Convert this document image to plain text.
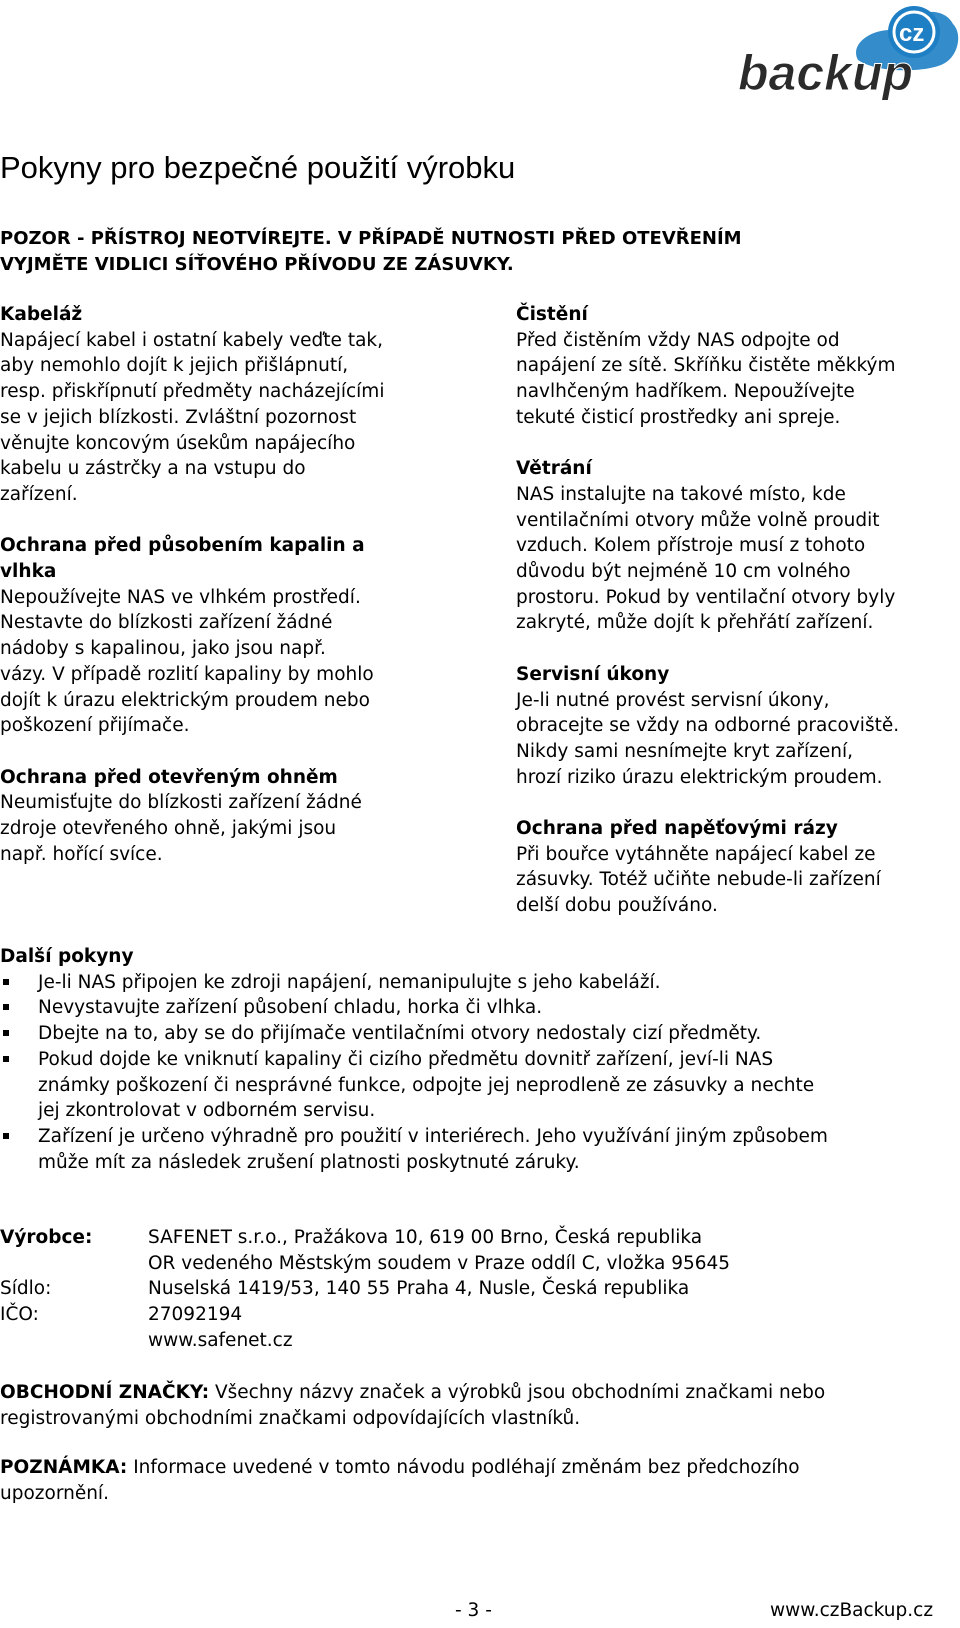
cz
backup
Pokyny pro bezpečné použití výrobku
POZOR - PŘÍSTROJ NEOTVÍREJTE. V PŘÍPADĚ NUTNOSTI PŘED OTEVŘENÍM
VYJMĚTE VIDLICI SÍŤOVÉHO PŘÍVODU ZE ZÁSUVKY.
Kabeláž

Napájecí kabel i ostatní kabely veďte tak,

aby nemohlo dojít k jejich přišlápnutí,

resp. přiskřípnutí předměty nacházejícími

se v jejich blízkosti. Zvláštní pozornost

věnujte koncovým úsekům napájecího

kabelu u zástrčky a na vstupu do

zařízení.

Ochrana před působením kapalin a
vlhka

Nepoužívejte NAS ve vlhkém prostředí.

Nestavte do blízkosti zařízení žádné

nádoby s kapalinou, jako jsou např.

vázy. V případě rozlití kapaliny by mohlo

dojít k úrazu elektrickým proudem nebo

poškození přijímače.

Ochrana před otevřeným ohněm

Neumisťujte do blízkosti zařízení žádné

zdroje otevřeného ohně, jakými jsou

např. hořící svíce.

Čistění

Před čistěním vždy NAS odpojte od

napájení ze sítě. Skříňku čistěte měkkým

navlhčeným hadříkem. Nepoužívejte

tekuté čisticí prostředky ani spreje.

Větrání

NAS instalujte na takové místo, kde

ventilačními otvory může volně proudit

vzduch. Kolem přístroje musí z tohoto

důvodu být nejméně 10 cm volného

prostoru. Pokud by ventilační otvory byly

zakryté, může dojít k přehřátí zařízení.

Servisní úkony

Je-li nutné provést servisní úkony,

obracejte se vždy na odborné pracoviště.

Nikdy sami nesnímejte kryt zařízení,

hrozí riziko úrazu elektrickým proudem.

Ochrana před napěťovými rázy

Při bouřce vytáhněte napájecí kabel ze

zásuvky. Totéž učiňte nebude-li zařízení

delší dobu používáno.

Další pokyny
Je-li NAS připojen ke zdroji napájení, nemanipulujte s jeho kabeláží.
Nevystavujte zařízení působení chladu, horka či vlhka.
Dbejte na to, aby se do přijímače ventilačními otvory nedostaly cizí předměty.
Pokud dojde ke vniknutí kapaliny či cizího předmětu dovnitř zařízení, jeví-li NAS
známky poškození či nesprávné funkce, odpojte jej neprodleně ze zásuvky a nechte
jej zkontrolovat v odborném servisu.
Zařízení je určeno výhradně pro použití v interiérech. Jeho využívání jiným způsobem
může mít za následek zrušení platnosti poskytnuté záruky.
Výrobce:	SAFENET s.r.o., Pražákova 10, 619 00 Brno, Česká republika
OR vedeného Městským soudem v Praze oddíl C, vložka 95645
Sídlo:	Nuselská 1419/53, 140 55 Praha 4, Nusle, Česká republika
IČO:	27092194
www.safenet.cz
OBCHODNÍ ZNAČKY: Všechny názvy značek a výrobků jsou obchodními značkami nebo
registrovanými obchodními značkami odpovídajících vlastníků.
POZNÁMKA: Informace uvedené v tomto návodu podléhají změnám bez předchozího
upozornění.
- 3 -	www.czBackup.cz
